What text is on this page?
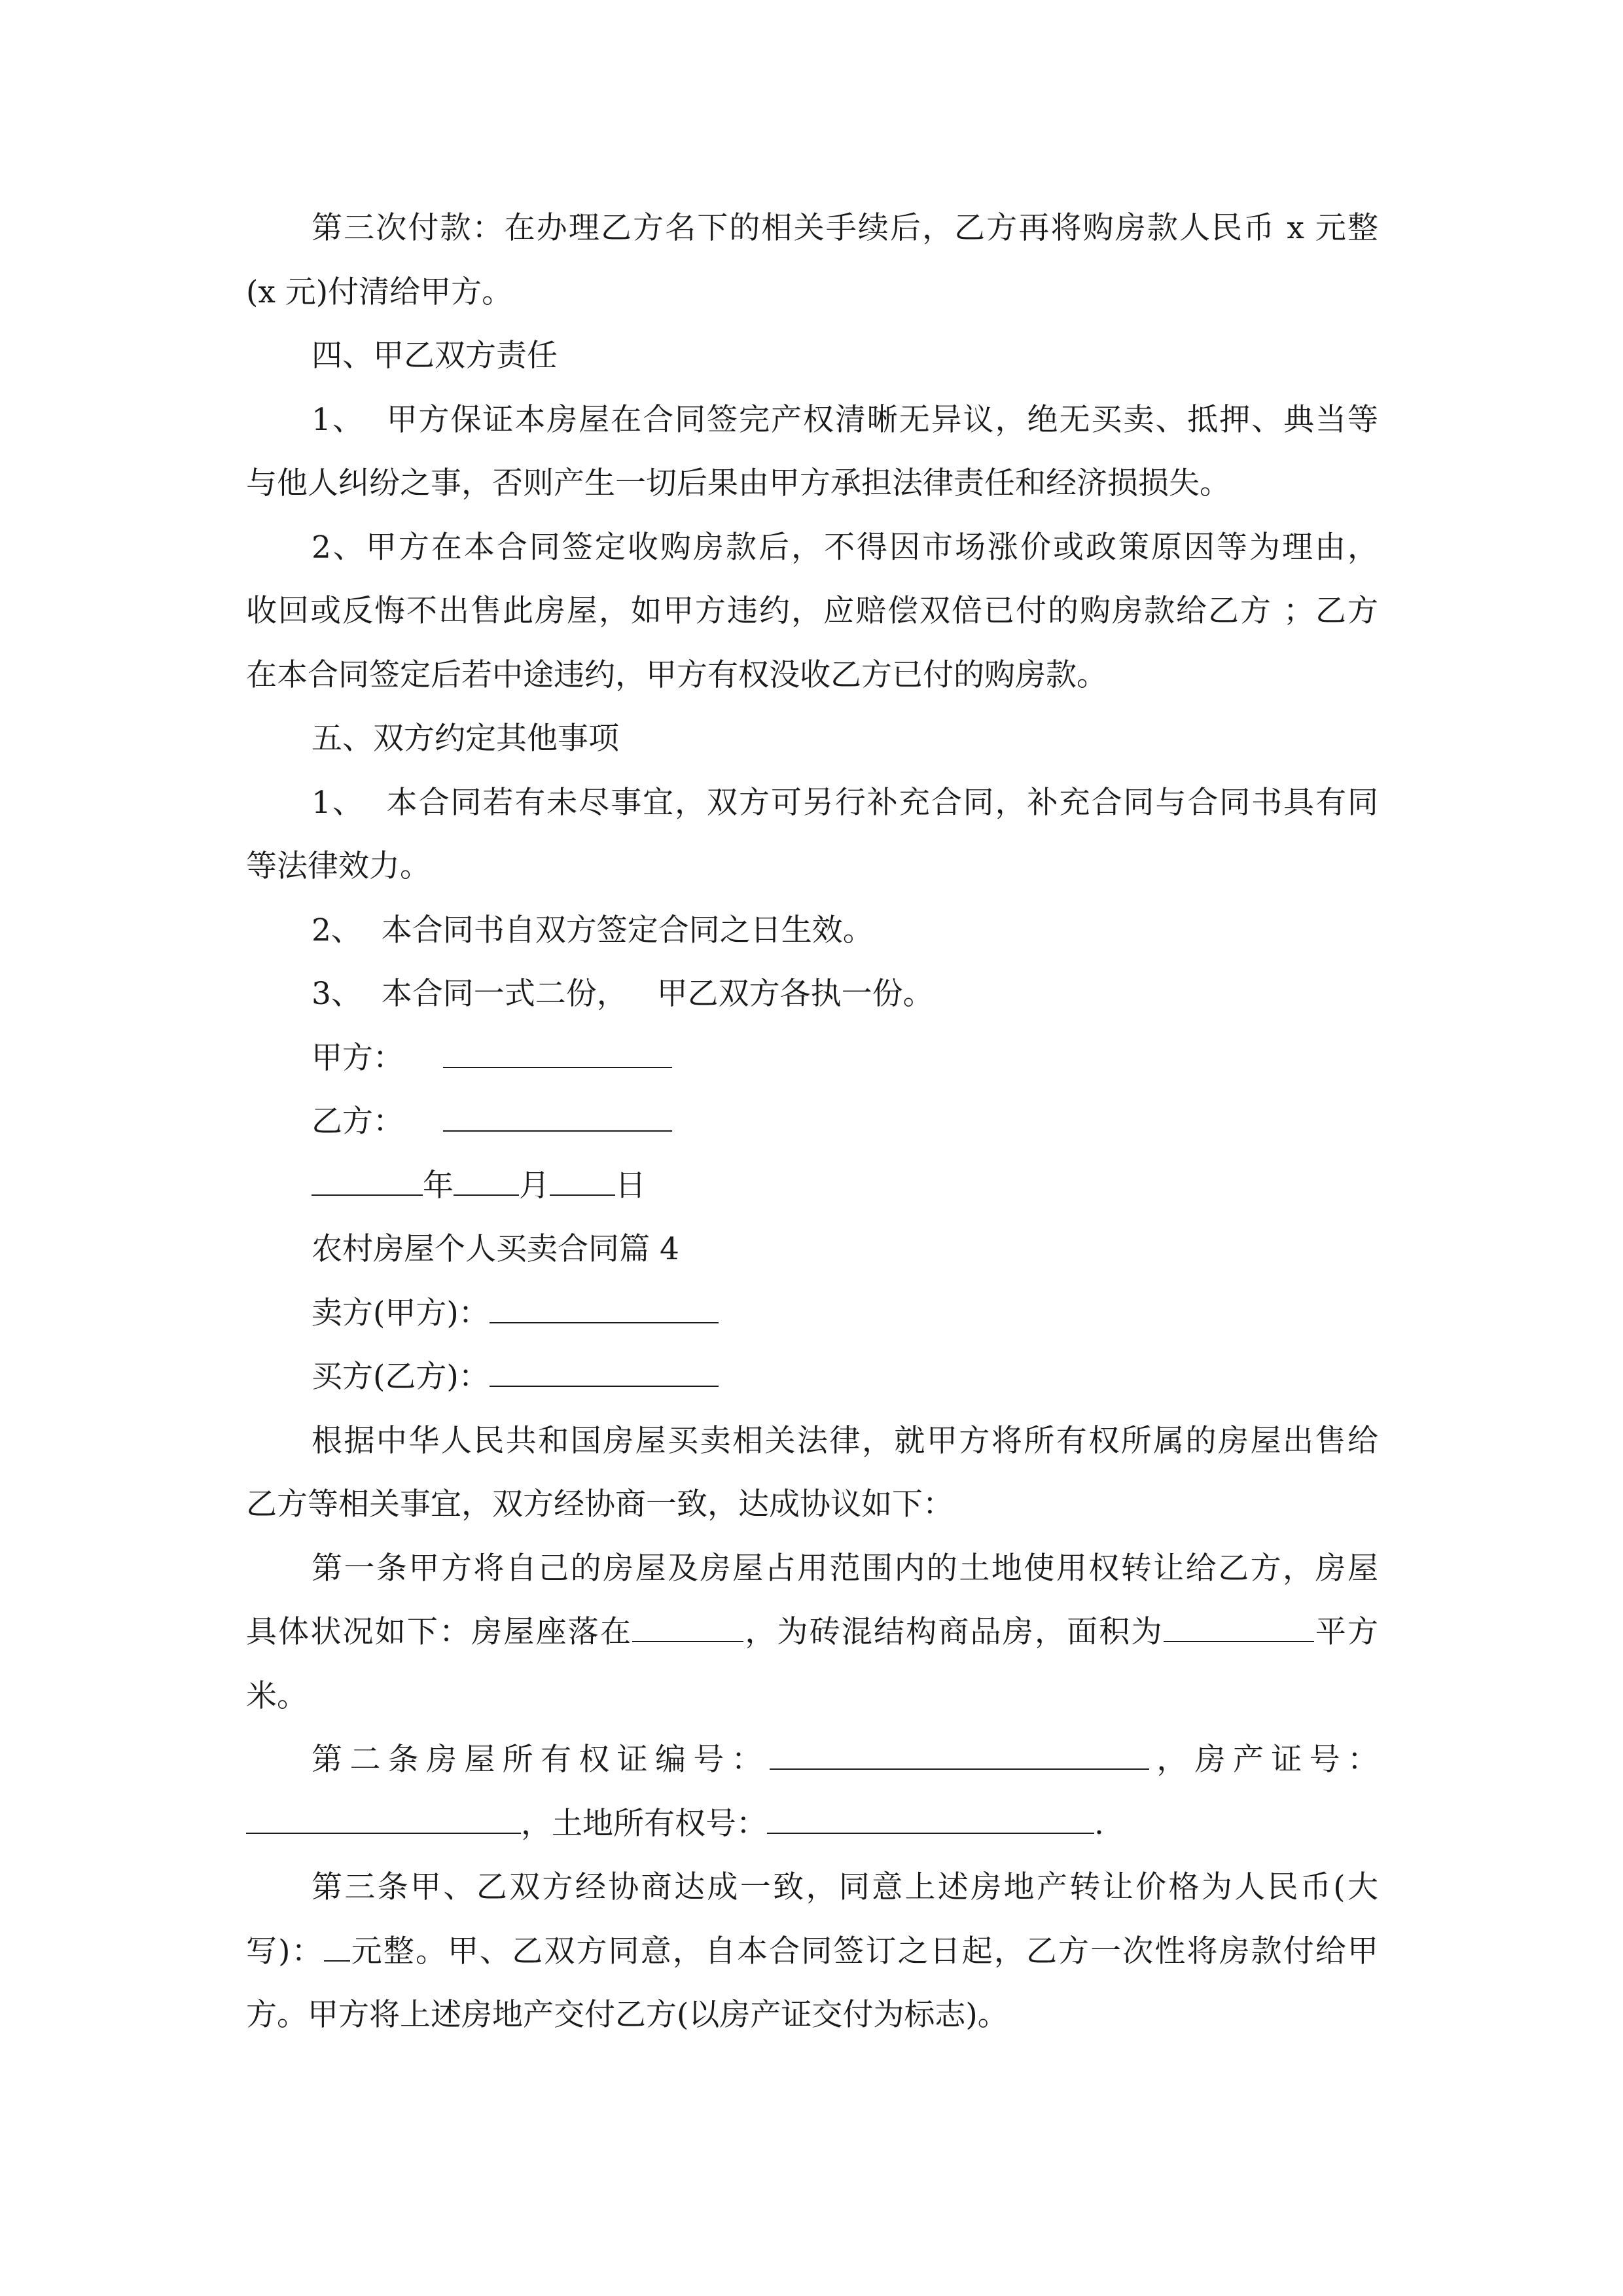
第三次付款：在办理乙方名下的相关手续后，乙方再将购房款人民币 x 元整

(x 元)付清给甲方。

四、甲乙双方责任

1、  甲方保证本房屋在合同签完产权清晰无异议，绝无买卖、抵押、典当等

与他人纠纷之事，否则产生一切后果由甲方承担法律责任和经济损损失。

2、甲方在本合同签定收购房款后，不得因市场涨价或政策原因等为理由，

收回或反悔不出售此房屋，如甲方违约，应赔偿双倍已付的购房款给乙方 ；乙方

在本合同签定后若中途违约，甲方有权没收乙方已付的购房款。

五、双方约定其他事项

1、  本合同若有未尽事宜，双方可另行补充合同，补充合同与合同书具有同

等法律效力。

2、  本合同书自双方签定合同之日生效。

3、  本合同一式二份，   甲乙双方各执一份。

甲方：

乙方：

年 月 日

农村房屋个人买卖合同篇 4

卖方(甲方)：

买方(乙方)：

根据中华人民共和国房屋买卖相关法律，就甲方将所有权所属的房屋出售给

乙方等相关事宜，双方经协商一致，达成协议如下：

第一条甲方将自己的房屋及房屋占用范围内的土地使用权转让给乙方，房屋

具体状况如下：房屋座落在	，为砖混结构商品房，面积为	平方

米。

第二条房屋所有权证编号：	，房产证号：

，土地所有权号：	.

第三条甲、乙双方经协商达成一致，同意上述房地产转让价格为人民币(大

写)： 元整。甲、乙双方同意，自本合同签订之日起，乙方一次性将房款付给甲

方。甲方将上述房地产交付乙方(以房产证交付为标志)。
